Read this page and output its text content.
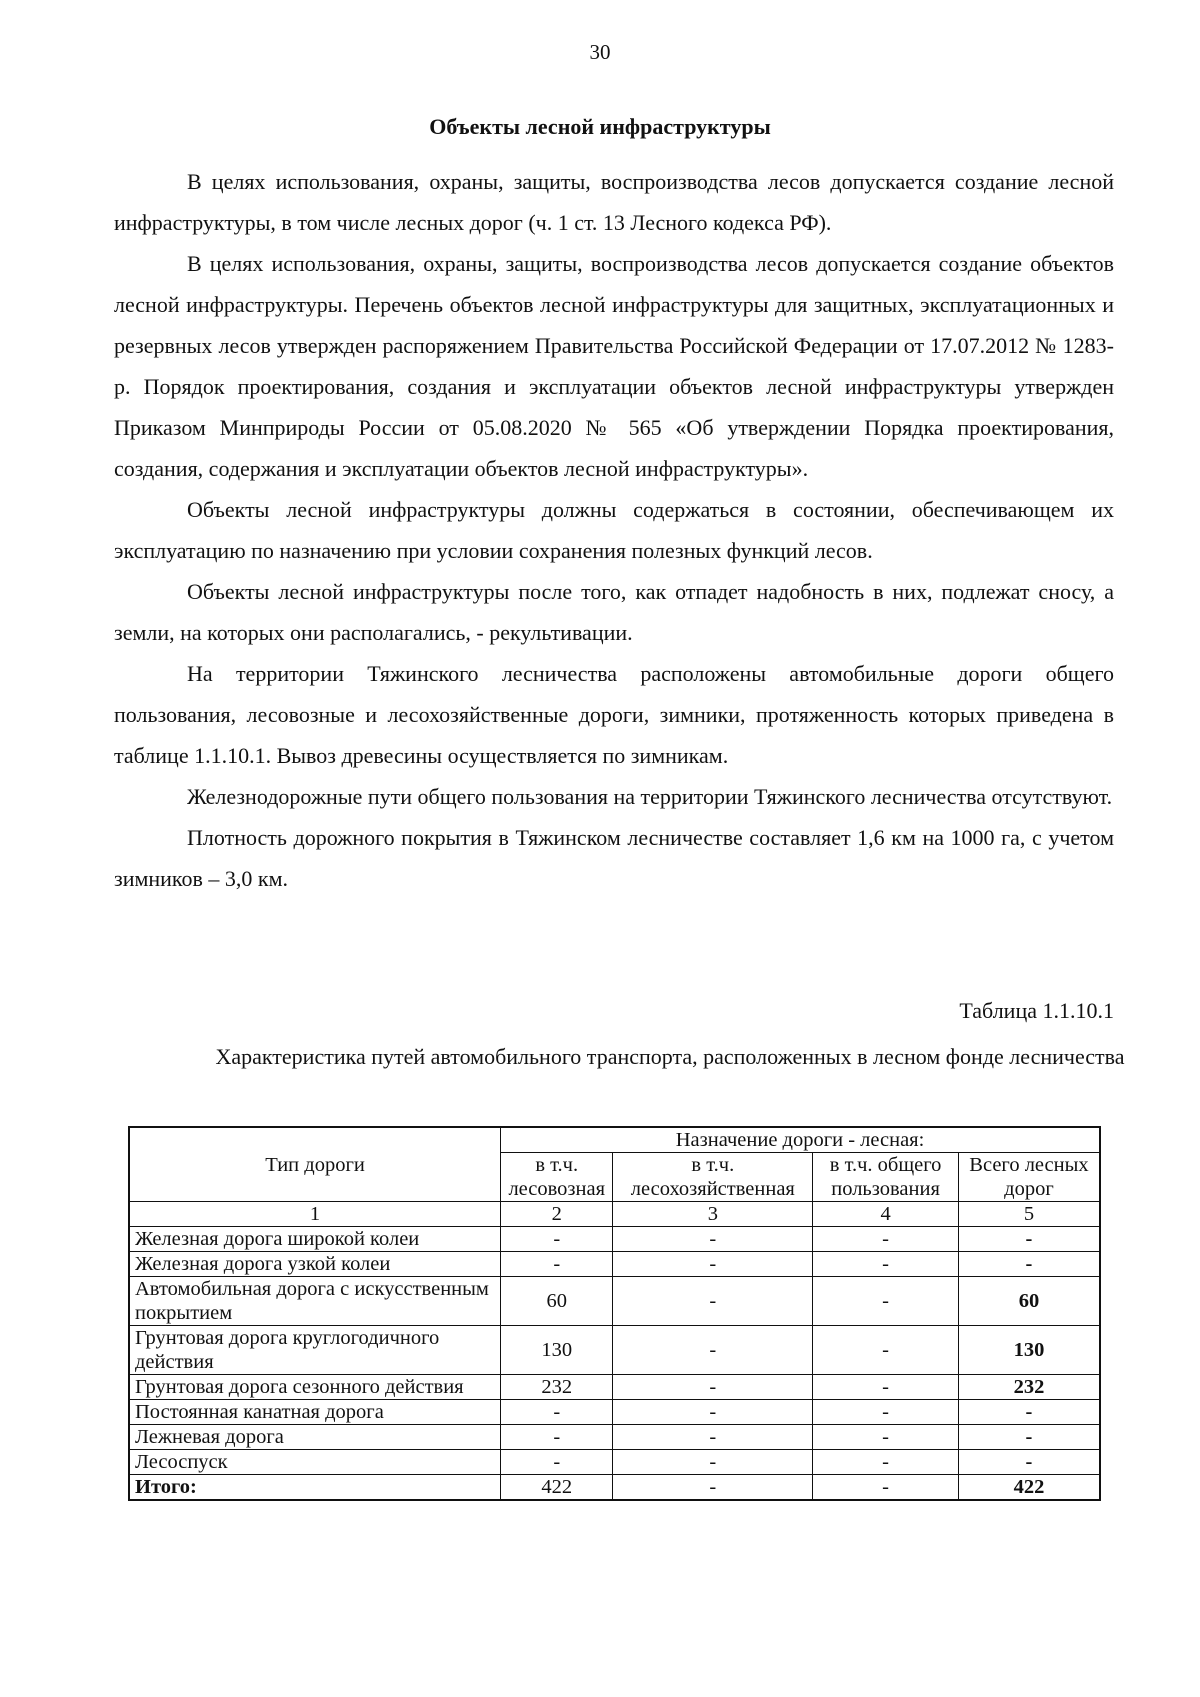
30
Объекты лесной инфраструктуры

В целях использования, охраны, защиты, воспроизводства лесов допускается создание лесной инфраструктуры, в том числе лесных дорог (ч. 1 ст. 13 Лесного кодекса РФ).

В целях использования, охраны, защиты, воспроизводства лесов допускается создание объектов лесной инфраструктуры. Перечень объектов лесной инфраструктуры для защитных, эксплуатационных и резервных лесов утвержден распоряжением Правительства Российской Федерации от 17.07.2012 № 1283-р. Порядок проектирования, создания и эксплуатации объектов лесной инфраструктуры утвержден Приказом Минприроды России от 05.08.2020 № 565 «Об утверждении Порядка проектирования, создания, содержания и эксплуатации объектов лесной инфраструктуры».

Объекты лесной инфраструктуры должны содержаться в состоянии, обеспечивающем их эксплуатацию по назначению при условии сохранения полезных функций лесов.

Объекты лесной инфраструктуры после того, как отпадет надобность в них, подлежат сносу, а земли, на которых они располагались, - рекультивации.

На территории Тяжинского лесничества расположены автомобильные дороги общего пользования, лесовозные и лесохозяйственные дороги, зимники, протяженность которых приведена в таблице 1.1.10.1. Вывоз древесины осуществляется по зимникам.

Железнодорожные пути общего пользования на территории Тяжинского лесничества отсутствуют.

Плотность дорожного покрытия в Тяжинском лесничестве составляет 1,6 км на 1000 га, с учетом зимников – 3,0 км.

Таблица 1.1.10.1
Характеристика путей автомобильного транспорта, расположенных в лесном фонде лесничества
Тип дороги	Назначение дороги - лесная:			
	в т.ч. лесовозная	в т.ч. лесохозяйственная	в т.ч. общего пользования	Всего лесных дорог
1	2	3	4	5
Железная дорога широкой колеи	-	-	-	-
Железная дорога узкой колеи	-	-	-	-
Автомобильная дорога с искусственным покрытием	60	-	-	60
Грунтовая дорога круглогодичного действия	130	-	-	130
Грунтовая дорога сезонного действия	232	-	-	232
Постоянная канатная дорога	-	-	-	-
Лежневая дорога	-	-	-	-
Лесоспуск	-	-	-	-
Итого:	422	-	-	422
